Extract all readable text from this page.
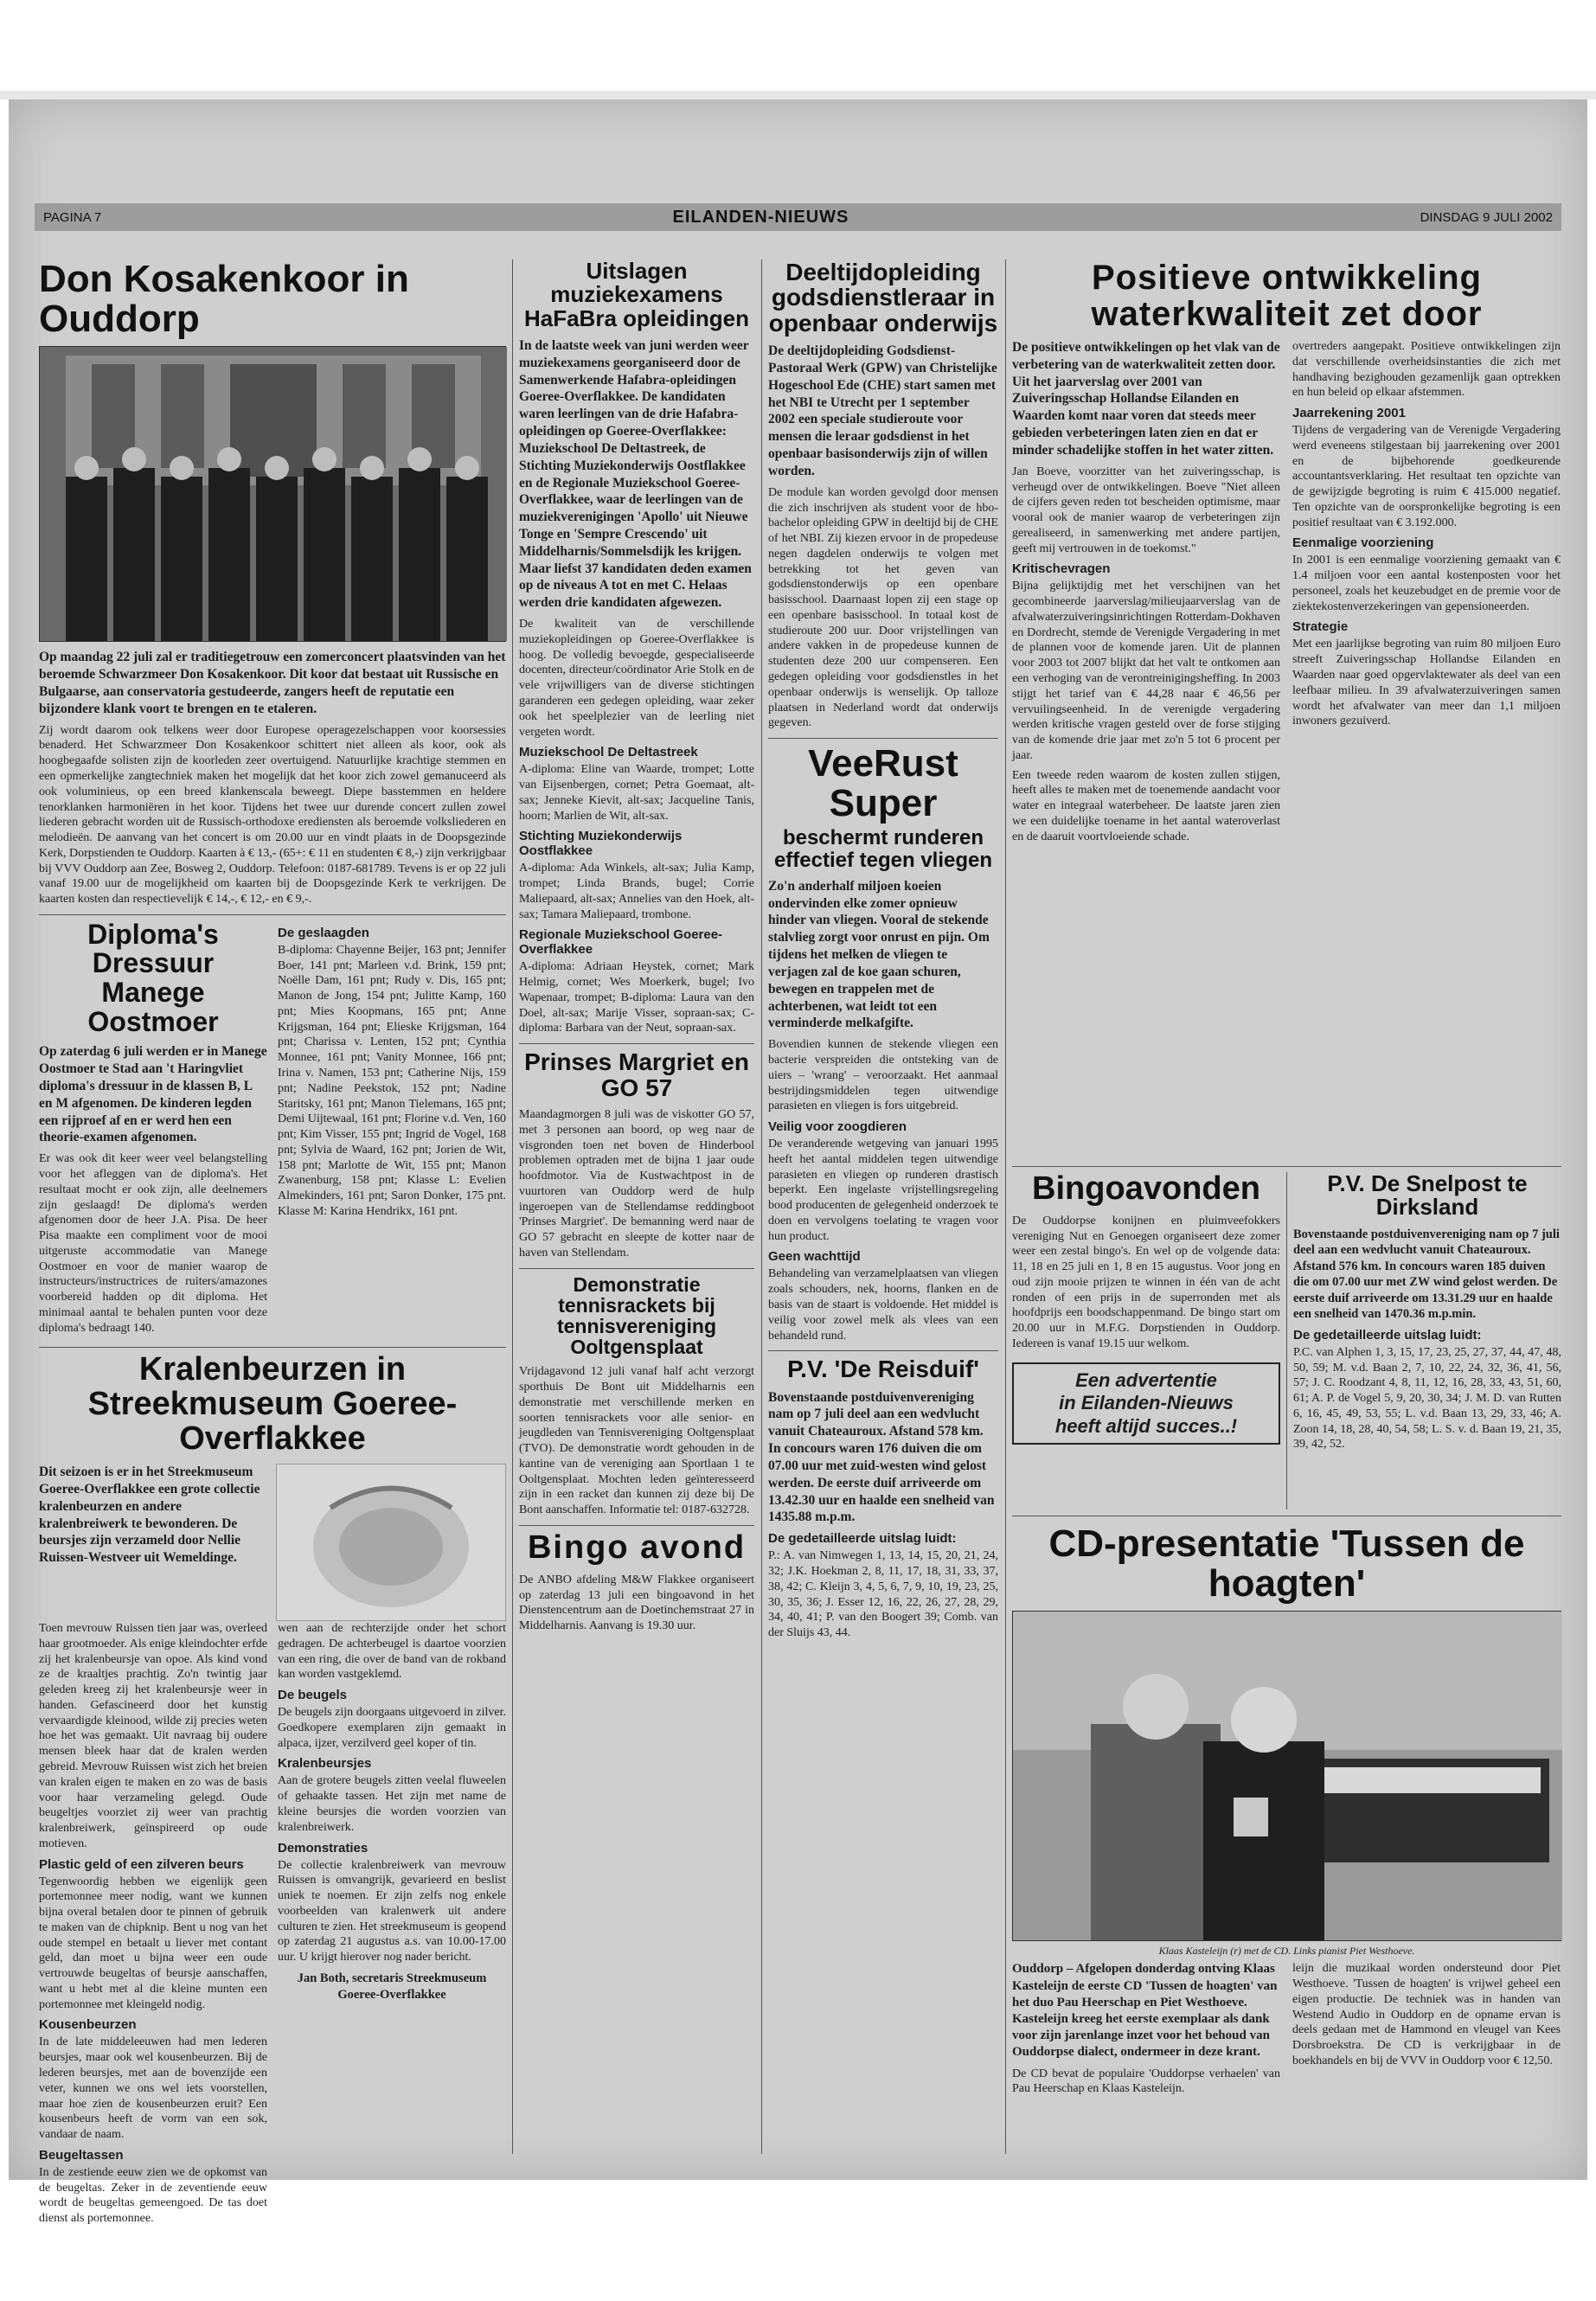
PAGINA 7	EILANDEN-NIEUWS	DINSDAG 9 JULI 2002
Don Kosakenkoor in Ouddorp

Op maandag 22 juli zal er traditiegetrouw een zomerconcert plaatsvinden van het beroemde Schwarzmeer Don Kosakenkoor. Dit koor dat bestaat uit Russische en Bulgaarse, aan conservatoria gestudeerde, zangers heeft de reputatie een bijzondere klank voort te brengen en te etaleren.

Zij wordt daarom ook telkens weer door Europese operagezelschappen voor koorsessies benaderd. Het Schwarzmeer Don Kosakenkoor schittert niet alleen als koor, ook als hoogbegaafde solisten zijn de koorleden zeer overtuigend. Natuurlijke krachtige stemmen en een opmerkelijke zangtechniek maken het mogelijk dat het koor zich zowel gemanuceerd als ook voluminieus, op een breed klankenscala beweegt. Diepe basstemmen en heldere tenorklanken harmoniëren in het koor. Tijdens het twee uur durende concert zullen zowel liederen gebracht worden uit de Russisch-orthodoxe erediensten als beroemde volksliederen en melodieën. De aanvang van het concert is om 20.00 uur en vindt plaats in de Doopsgezinde Kerk, Dorpstienden te Ouddorp. Kaarten à € 13,- (65+: € 11 en studenten € 8,-) zijn verkrijgbaar bij VVV Ouddorp aan Zee, Bosweg 2, Ouddorp. Telefoon: 0187-681789. Tevens is er op 22 juli vanaf 19.00 uur de mogelijkheid om kaarten bij de Doopsgezinde Kerk te verkrijgen. De kaarten kosten dan respectievelijk € 14,-, € 12,- en € 9,-.

Diploma's Dressuur Manege Oostmoer

Op zaterdag 6 juli werden er in Manege Oostmoer te Stad aan 't Haringvliet diploma's dressuur in de klassen B, L en M afgenomen. De kinderen legden een rijproef af en er werd hen een theorie-examen afgenomen.

Er was ook dit keer weer veel belangstelling voor het afleggen van de diploma's. Het resultaat mocht er ook zijn, alle deelnemers zijn geslaagd! De diploma's werden afgenomen door de heer J.A. Pisa. De heer Pisa maakte een compliment voor de mooi uitgeruste accommodatie van Manege Oostmoer en voor de manier waarop de instructeurs/instructrices de ruiters/amazones voorbereid hadden op dit diploma. Het minimaal aantal te behalen punten voor deze diploma's bedraagt 140.

De geslaagden

B-diploma: Chayenne Beijer, 163 pnt; Jennifer Boer, 141 pnt; Marleen v.d. Brink, 159 pnt; Noëlle Dam, 161 pnt; Rudy v. Dis, 165 pnt; Manon de Jong, 154 pnt; Julitte Kamp, 160 pnt; Mies Koopmans, 165 pnt; Anne Krijgsman, 164 pnt; Elieske Krijgsman, 164 pnt; Charissa v. Lenten, 152 pnt; Cynthia Monnee, 161 pnt; Vanity Monnee, 166 pnt; Irina v. Namen, 153 pnt; Catherine Nijs, 159 pnt; Nadine Peekstok, 152 pnt; Nadine Staritsky, 161 pnt; Manon Tielemans, 165 pnt; Demi Uijtewaal, 161 pnt; Florine v.d. Ven, 160 pnt; Kim Visser, 155 pnt; Ingrid de Vogel, 168 pnt; Sylvia de Waard, 162 pnt; Jorien de Wit, 158 pnt; Marlotte de Wit, 155 pnt; Manon Zwanenburg, 158 pnt; Klasse L: Evelien Almekinders, 161 pnt; Saron Donker, 175 pnt. Klasse M: Karina Hendrikx, 161 pnt.

Kralenbeurzen in Streekmuseum Goeree-Overflakkee

Dit seizoen is er in het Streekmuseum Goeree-Overflakkee een grote collectie kralenbeurzen en andere kralenbreiwerk te bewonderen. De beursjes zijn verzameld door Nellie Ruissen-Westveer uit Wemeldinge.

Toen mevrouw Ruissen tien jaar was, overleed haar grootmoeder. Als enige kleindochter erfde zij het kralenbeursje van opoe. Als kind vond ze de kraaltjes prachtig. Zo'n twintig jaar geleden kreeg zij het kralenbeursje weer in handen. Gefascineerd door het kunstig vervaardigde kleinood, wilde zij precies weten hoe het was gemaakt. Uit navraag bij oudere mensen bleek haar dat de kralen werden gebreid. Mevrouw Ruissen wist zich het breien van kralen eigen te maken en zo was de basis voor haar verzameling gelegd. Oude beugeltjes voorziet zij weer van prachtig kralenbreiwerk, geïnspireerd op oude motieven.

Plastic geld of een zilveren beurs

Tegenwoordig hebben we eigenlijk geen portemonnee meer nodig, want we kunnen bijna overal betalen door te pinnen of gebruik te maken van de chipknip. Bent u nog van het oude stempel en betaalt u liever met contant geld, dan moet u bijna weer een oude vertrouwde beugeltas of beursje aanschaffen, want u hebt met al die kleine munten een portemonnee met kleingeld nodig.

Kousenbeurzen

In de late middeleeuwen had men lederen beursjes, maar ook wel kousenbeurzen. Bij de lederen beursjes, met aan de bovenzijde een veter, kunnen we ons wel iets voorstellen, maar hoe zien de kousenbeurzen eruit? Een kousenbeurs heeft de vorm van een sok, vandaar de naam.

Beugeltassen

In de zestiende eeuw zien we de opkomst van de beugeltas. Zeker in de zeventiende eeuw wordt de beugeltas gemeengoed. De tas doet dienst als portemonnee.

wen aan de rechterzijde onder het schort gedragen. De achterbeugel is daartoe voorzien van een ring, die over de band van de rokband kan worden vastgeklemd.

De beugels

De beugels zijn doorgaans uitgevoerd in zilver. Goedkopere exemplaren zijn gemaakt in alpaca, ijzer, verzilverd geel koper of tin.

Kralenbeursjes

Aan de grotere beugels zitten veelal fluweelen of gehaakte tassen. Het zijn met name de kleine beursjes die worden voorzien van kralenbreiwerk.

Demonstraties

De collectie kralenbreiwerk van mevrouw Ruissen is omvangrijk, gevarieerd en beslist uniek te noemen. Er zijn zelfs nog enkele voorbeelden van kralenwerk uit andere culturen te zien. Het streekmuseum is geopend op zaterdag 21 augustus a.s. van 10.00-17.00 uur. U krijgt hierover nog nader bericht.

Jan Both, secretaris Streekmuseum Goeree-Overflakkee
Uitslagen muziekexamens HaFaBra opleidingen

In de laatste week van juni werden weer muziekexamens georganiseerd door de Samenwerkende Hafabra-opleidingen Goeree-Overflakkee. De kandidaten waren leerlingen van de drie Hafabra-opleidingen op Goeree-Overflakkee: Muziekschool De Deltastreek, de Stichting Muziekonderwijs Oostflakkee en de Regionale Muziekschool Goeree-Overflakkee, waar de leerlingen van de muziekverenigingen 'Apollo' uit Nieuwe Tonge en 'Sempre Crescendo' uit Middelharnis/Sommelsdijk les krijgen. Maar liefst 37 kandidaten deden examen op de niveaus A tot en met C. Helaas werden drie kandidaten afgewezen.

De kwaliteit van de verschillende muziekopleidingen op Goeree-Overflakkee is hoog. De volledig bevoegde, gespecialiseerde docenten, directeur/coördinator Arie Stolk en de vele vrijwilligers van de diverse stichtingen garanderen een gedegen opleiding, waar zeker ook het speelplezier van de leerling niet vergeten wordt.

Muziekschool De Deltastreek

A-diploma: Eline van Waarde, trompet; Lotte van Eijsenbergen, cornet; Petra Goemaat, alt-sax; Jenneke Kievit, alt-sax; Jacqueline Tanis, hoorn; Marlien de Wit, alt-sax.

Stichting Muziekonderwijs Oostflakkee

A-diploma: Ada Winkels, alt-sax; Julia Kamp, trompet; Linda Brands, bugel; Corrie Maliepaard, alt-sax; Annelies van den Hoek, alt-sax; Tamara Maliepaard, trombone.

Regionale Muziekschool Goeree-Overflakkee

A-diploma: Adriaan Heystek, cornet; Mark Helmig, cornet; Wes Moerkerk, bugel; Ivo Wapenaar, trompet; B-diploma: Laura van den Doel, alt-sax; Marije Visser, sopraan-sax; C-diploma: Barbara van der Neut, sopraan-sax.

Prinses Margriet en GO 57

Maandagmorgen 8 juli was de viskotter GO 57, met 3 personen aan boord, op weg naar de visgronden toen net boven de Hinderbool problemen optraden met de bijna 1 jaar oude hoofdmotor. Via de Kustwachtpost in de vuurtoren van Ouddorp werd de hulp ingeroepen van de Stellendamse reddingboot 'Prinses Margriet'. De bemanning werd naar de GO 57 gebracht en sleepte de kotter naar de haven van Stellendam.

Demonstratie tennisrackets bij tennisvereniging Ooltgensplaat

Vrijdagavond 12 juli vanaf half acht verzorgt sporthuis De Bont uit Middelharnis een demonstratie met verschillende merken en soorten tennisrackets voor alle senior- en jeugdleden van Tennisvereniging Ooltgensplaat (TVO). De demonstratie wordt gehouden in de kantine van de vereniging aan Sportlaan 1 te Ooltgensplaat. Mochten leden geïnteresseerd zijn in een racket dan kunnen zij deze bij De Bont aanschaffen. Informatie tel: 0187-632728.

Bingo avond

De ANBO afdeling M&W Flakkee organiseert op zaterdag 13 juli een bingoavond in het Dienstencentrum aan de Doetinchemstraat 27 in Middelharnis. Aanvang is 19.30 uur.

Deeltijdopleiding godsdienstleraar in openbaar onderwijs

De deeltijdopleiding Godsdienst-Pastoraal Werk (GPW) van Christelijke Hogeschool Ede (CHE) start samen met het NBI te Utrecht per 1 september 2002 een speciale studieroute voor mensen die leraar godsdienst in het openbaar basisonderwijs zijn of willen worden.

De module kan worden gevolgd door mensen die zich inschrijven als student voor de hbo-bachelor opleiding GPW in deeltijd bij de CHE of het NBI. Zij kiezen ervoor in de propedeuse negen dagdelen onderwijs te volgen met betrekking tot het geven van godsdienstonderwijs op een openbare basisschool. Daarnaast lopen zij een stage op een openbare basisschool. In totaal kost de studieroute 200 uur. Door vrijstellingen van andere vakken in de propedeuse kunnen de studenten deze 200 uur compenseren. Een gedegen opleiding voor godsdienstles in het openbaar onderwijs is wenselijk. Op talloze plaatsen in Nederland wordt dat onderwijs gegeven.

VeeRust Super
beschermt runderen effectief tegen vliegen

Zo'n anderhalf miljoen koeien ondervinden elke zomer opnieuw hinder van vliegen. Vooral de stekende stalvlieg zorgt voor onrust en pijn. Om tijdens het melken de vliegen te verjagen zal de koe gaan schuren, bewegen en trappelen met de achterbenen, wat leidt tot een verminderde melkafgifte.

Bovendien kunnen de stekende vliegen een bacterie verspreiden die ontsteking van de uiers – 'wrang' – veroorzaakt. Het aanmaal bestrijdingsmiddelen tegen uitwendige parasieten en vliegen is fors uitgebreid.

Veilig voor zoogdieren

De veranderende wetgeving van januari 1995 heeft het aantal middelen tegen uitwendige parasieten en vliegen op runderen drastisch beperkt. Een ingelaste vrijstellingsregeling bood producenten de gelegenheid onderzoek te doen en vervolgens toelating te vragen voor hun product.

Geen wachttijd

Behandeling van verzamelplaatsen van vliegen zoals schouders, nek, hoorns, flanken en de basis van de staart is voldoende. Het middel is veilig voor zowel melk als vlees van een behandeld rund.

P.V. 'De Reisduif'

Bovenstaande postduivenvereniging nam op 7 juli deel aan een wedvlucht vanuit Chateauroux. Afstand 578 km. In concours waren 176 duiven die om 07.00 uur met zuid-westen wind gelost werden. De eerste duif arriveerde om 13.42.30 uur en haalde een snelheid van 1435.88 m.p.m.

De gedetailleerde uitslag luidt:

P.: A. van Nimwegen 1, 13, 14, 15, 20, 21, 24, 32; J.K. Hoekman 2, 8, 11, 17, 18, 31, 33, 37, 38, 42; C. Kleijn 3, 4, 5, 6, 7, 9, 10, 19, 23, 25, 30, 35, 36; J. Esser 12, 16, 22, 26, 27, 28, 29, 34, 40, 41; P. van den Boogert 39; Comb. van der Sluijs 43, 44.

Positieve ontwikkeling waterkwaliteit zet door

De positieve ontwikkelingen op het vlak van de verbetering van de waterkwaliteit zetten door. Uit het jaarverslag over 2001 van Zuiveringsschap Hollandse Eilanden en Waarden komt naar voren dat steeds meer gebieden verbeteringen laten zien en dat er minder schadelijke stoffen in het water zitten.

Jan Boeve, voorzitter van het zuiveringsschap, is verheugd over de ontwikkelingen. Boeve "Niet alleen de cijfers geven reden tot bescheiden optimisme, maar vooral ook de manier waarop de verbeteringen zijn gerealiseerd, in samenwerking met andere partijen, geeft mij vertrouwen in de toekomst."

Kritischevragen

Bijna gelijktijdig met het verschijnen van het gecombineerde jaarverslag/milieujaarverslag van de afvalwaterzuiveringsinrichtingen Rotterdam-Dokhaven en Dordrecht, stemde de Verenigde Vergadering in met de plannen voor de komende jaren. Uit de plannen voor 2003 tot 2007 blijkt dat het valt te ontkomen aan een verhoging van de verontreinigingsheffing. In 2003 stijgt het tarief van € 44,28 naar € 46,56 per vervuilingseenheid. In de verenigde vergadering werden kritische vragen gesteld over de forse stijging van de komende drie jaar met zo'n 5 tot 6 procent per jaar.

Een tweede reden waarom de kosten zullen stijgen, heeft alles te maken met de toenemende aandacht voor water en integraal waterbeheer. De laatste jaren zien we een duidelijke toename in het aantal wateroverlast en de daaruit voortvloeiende schade.

overtreders aangepakt. Positieve ontwikkelingen zijn dat verschillende overheidsinstanties die zich met handhaving bezighouden gezamenlijk gaan optrekken en hun beleid op elkaar afstemmen.

Jaarrekening 2001

Tijdens de vergadering van de Verenigde Vergadering werd eveneens stilgestaan bij jaarrekening over 2001 en de bijbehorende goedkeurende accountantsverklaring. Het resultaat ten opzichte van de gewijzigde begroting is ruim € 415.000 negatief. Ten opzichte van de oorspronkelijke begroting is een positief resultaat van € 3.192.000.

Eenmalige voorziening

In 2001 is een eenmalige voorziening gemaakt van € 1.4 miljoen voor een aantal kostenposten voor het personeel, zoals het keuzebudget en de premie voor de ziektekostenverzekeringen van gepensioneerden.

Strategie

Met een jaarlijkse begroting van ruim 80 miljoen Euro streeft Zuiveringsschap Hollandse Eilanden en Waarden naar goed opgervlaktewater als deel van een leefbaar milieu. In 39 afvalwaterzuiveringen samen wordt het afvalwater van meer dan 1,1 miljoen inwoners gezuiverd.

Bingoavonden

De Ouddorpse konijnen en pluimveefokkers vereniging Nut en Genoegen organiseert deze zomer weer een zestal bingo's. En wel op de volgende data: 11, 18 en 25 juli en 1, 8 en 15 augustus. Voor jong en oud zijn mooie prijzen te winnen in één van de acht ronden of een prijs in de superronden met als hoofdprijs een boodschappenmand. De bingo start om 20.00 uur in M.F.G. Dorpstienden in Ouddorp. Iedereen is vanaf 19.15 uur welkom.

Een advertentie
in Eilanden-Nieuws
heeft altijd succes..!
P.V. De Snelpost te Dirksland

Bovenstaande postduivenvereniging nam op 7 juli deel aan een wedvlucht vanuit Chateauroux. Afstand 576 km. In concours waren 185 duiven die om 07.00 uur met ZW wind gelost werden. De eerste duif arriveerde om 13.31.29 uur en haalde een snelheid van 1470.36 m.p.min.

De gedetailleerde uitslag luidt:

P.C. van Alphen 1, 3, 15, 17, 23, 25, 27, 37, 44, 47, 48, 50, 59; M. v.d. Baan 2, 7, 10, 22, 24, 32, 36, 41, 56, 57; J. C. Roodzant 4, 8, 11, 12, 16, 28, 33, 43, 51, 60, 61; A. P. de Vogel 5, 9, 20, 30, 34; J. M. D. van Rutten 6, 16, 45, 49, 53, 55; L. v.d. Baan 13, 29, 33, 46; A. Zoon 14, 18, 28, 40, 54, 58; L. S. v. d. Baan 19, 21, 35, 39, 42, 52.

CD-presentatie 'Tussen de hoagten'
Klaas Kasteleijn (r) met de CD. Links pianist Piet Westhoeve.

Ouddorp – Afgelopen donderdag ontving Klaas Kasteleijn de eerste CD 'Tussen de hoagten' van het duo Pau Heerschap en Piet Westhoeve. Kasteleijn kreeg het eerste exemplaar als dank voor zijn jarenlange inzet voor het behoud van Ouddorpse dialect, ondermeer in deze krant.

De CD bevat de populaire 'Ouddorpse verhaelen' van Pau Heerschap en Klaas Kasteleijn.

leijn die muzikaal worden ondersteund door Piet Westhoeve. 'Tussen de hoagten' is vrijwel geheel een eigen productie. De techniek was in handen van Westend Audio in Ouddorp en de opname ervan is deels gedaan met de Hammond en vleugel van Kees Dorsbroekstra. De CD is verkrijgbaar in de boekhandels en bij de VVV in Ouddorp voor € 12,50.
